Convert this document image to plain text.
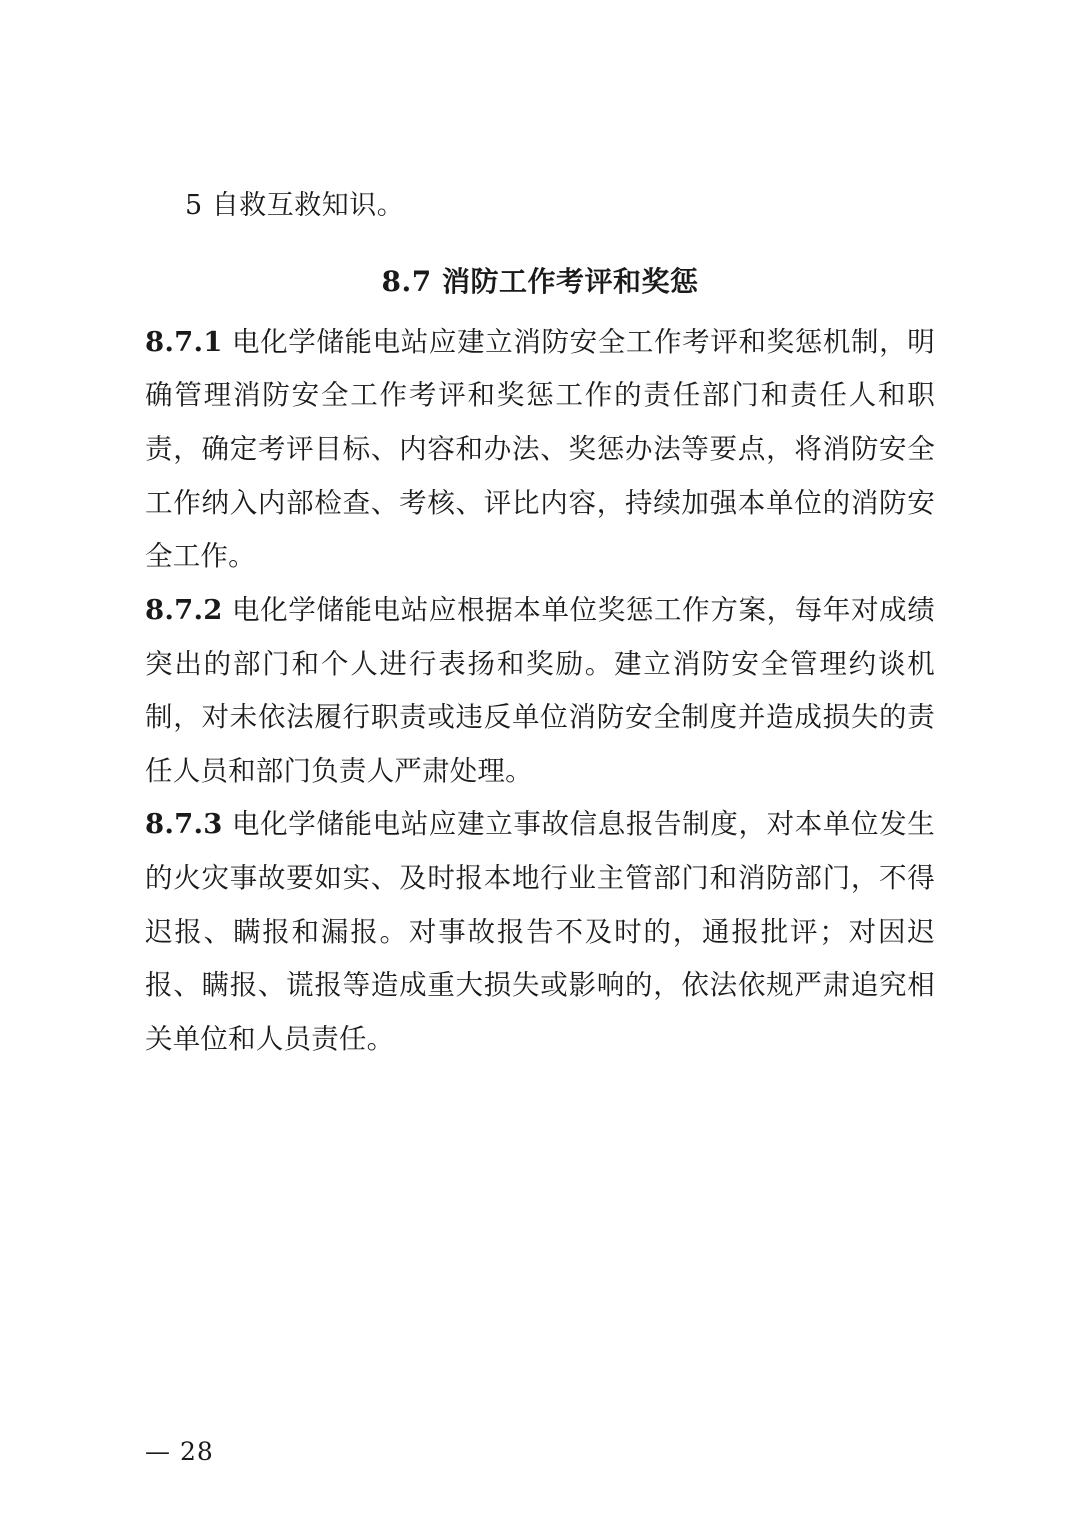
5 自救互救知识。

8.7 消防工作考评和奖惩

8.7.1 电化学储能电站应建立消防安全工作考评和奖惩机制，明确管理消防安全工作考评和奖惩工作的责任部门和责任人和职责，确定考评目标、内容和办法、奖惩办法等要点，将消防安全工作纳入内部检查、考核、评比内容，持续加强本单位的消防安全工作。

8.7.2 电化学储能电站应根据本单位奖惩工作方案，每年对成绩突出的部门和个人进行表扬和奖励。建立消防安全管理约谈机制，对未依法履行职责或违反单位消防安全制度并造成损失的责任人员和部门负责人严肃处理。

8.7.3 电化学储能电站应建立事故信息报告制度，对本单位发生的火灾事故要如实、及时报本地行业主管部门和消防部门，不得迟报、瞒报和漏报。对事故报告不及时的，通报批评；对因迟报、瞒报、谎报等造成重大损失或影响的，依法依规严肃追究相关单位和人员责任。

— 28
